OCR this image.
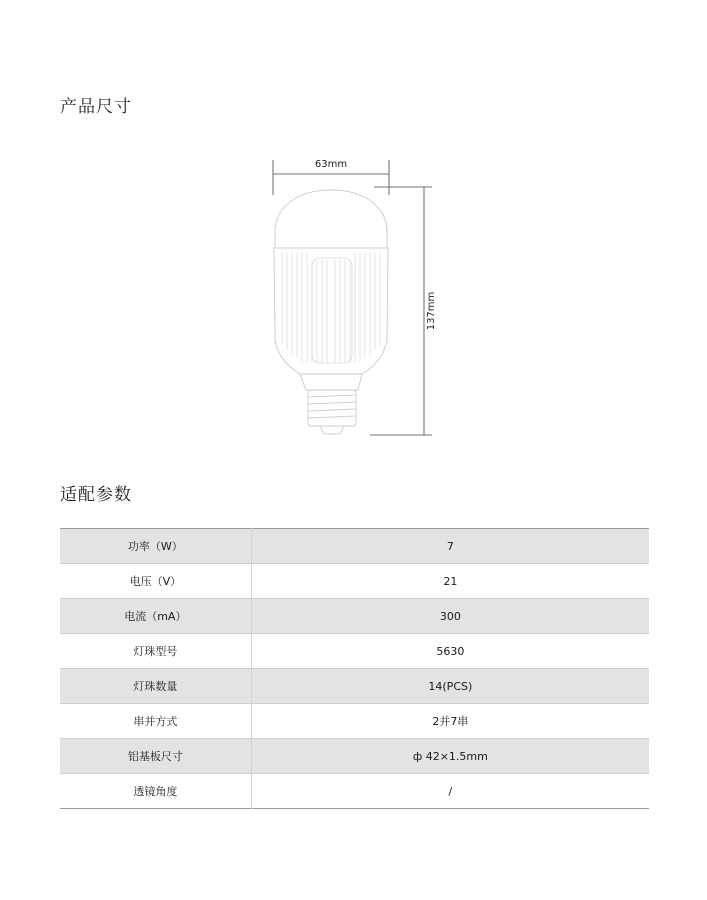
产品尺寸
63mm
137mm
适配参数
功率（W）	7
电压（V）	21
电流（mA）	300
灯珠型号	5630
灯珠数量	14(PCS)
串并方式	2并7串
铝基板尺寸	ф 42×1.5mm
透镜角度	/
